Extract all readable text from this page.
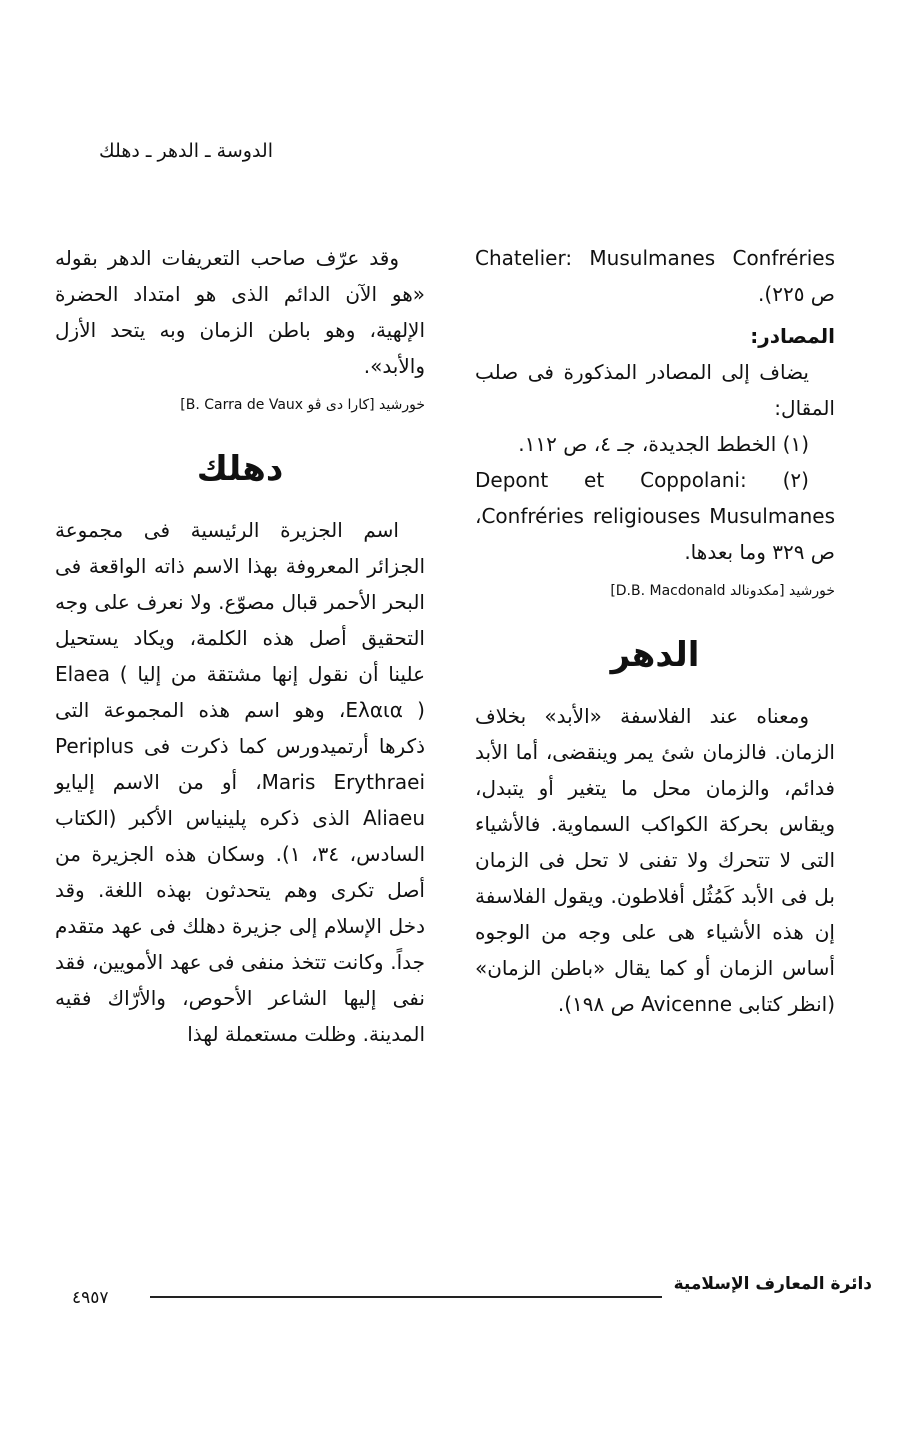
الدوسة ـ الدهر ـ دهلك

Chatelier: Musulmanes Confréries ص ٢٢٥).

المصادر:

يضاف إلى المصادر المذكورة فى صلب المقال:

(١) الخطط الجديدة، جـ ٤، ص ١١٢.

(٢) Depont et Coppolani: Confréries religiouses Musulmanes، ص ٣٢٩ وما بعدها.

خورشيد [مكدونالد D.B. Macdonald]

الدهر

ومعناه عند الفلاسفة «الأبد» بخلاف الزمان. فالزمان شئ يمر وينقضى، أما الأبد فدائم، والزمان محل ما يتغير أو يتبدل، ويقاس بحركة الكواكب السماوية. فالأشياء التى لا تتحرك ولا تفنى لا تحل فى الزمان بل فى الأبد كَمُثُل أفلاطون. ويقول الفلاسفة إن هذه الأشياء هى على وجه من الوجوه أساس الزمان أو كما يقال «باطن الزمان» (انظر كتابى Avicenne ص ١٩٨).

وقد عرّف صاحب التعريفات الدهر بقوله «هو الآن الدائم الذى هو امتداد الحضرة الإلهية، وهو باطن الزمان وبه يتحد الأزل والأبد».

خورشيد [كارا دى ڤو B. Carra de Vaux]

دهلك

اسم الجزيرة الرئيسية فى مجموعة الجزائر المعروفة بهذا الاسم ذاته الواقعة فى البحر الأحمر قبال مصوّع. ولا نعرف على وجه التحقيق أصل هذه الكلمة، ويكاد يستحيل علينا أن نقول إنها مشتقة من إليا Elaea ( Ελαια )، وهو اسم هذه المجموعة التى ذكرها أرتميدورس كما ذكرت فى Periplus Maris Erythraei، أو من الاسم إليايو Aliaeu الذى ذكره پلينياس الأكبر (الكتاب السادس، ٣٤، ١). وسكان هذه الجزيرة من أصل تكرى وهم يتحدثون بهذه اللغة. وقد دخل الإسلام إلى جزيرة دهلك فى عهد متقدم جداً. وكانت تتخذ منفى فى عهد الأمويين، فقد نفى إليها الشاعر الأحوص، والأرّاك فقيه المدينة. وظلت مستعملة لهذا

دائرة المعارف الإسلامية
٤٩٥٧
